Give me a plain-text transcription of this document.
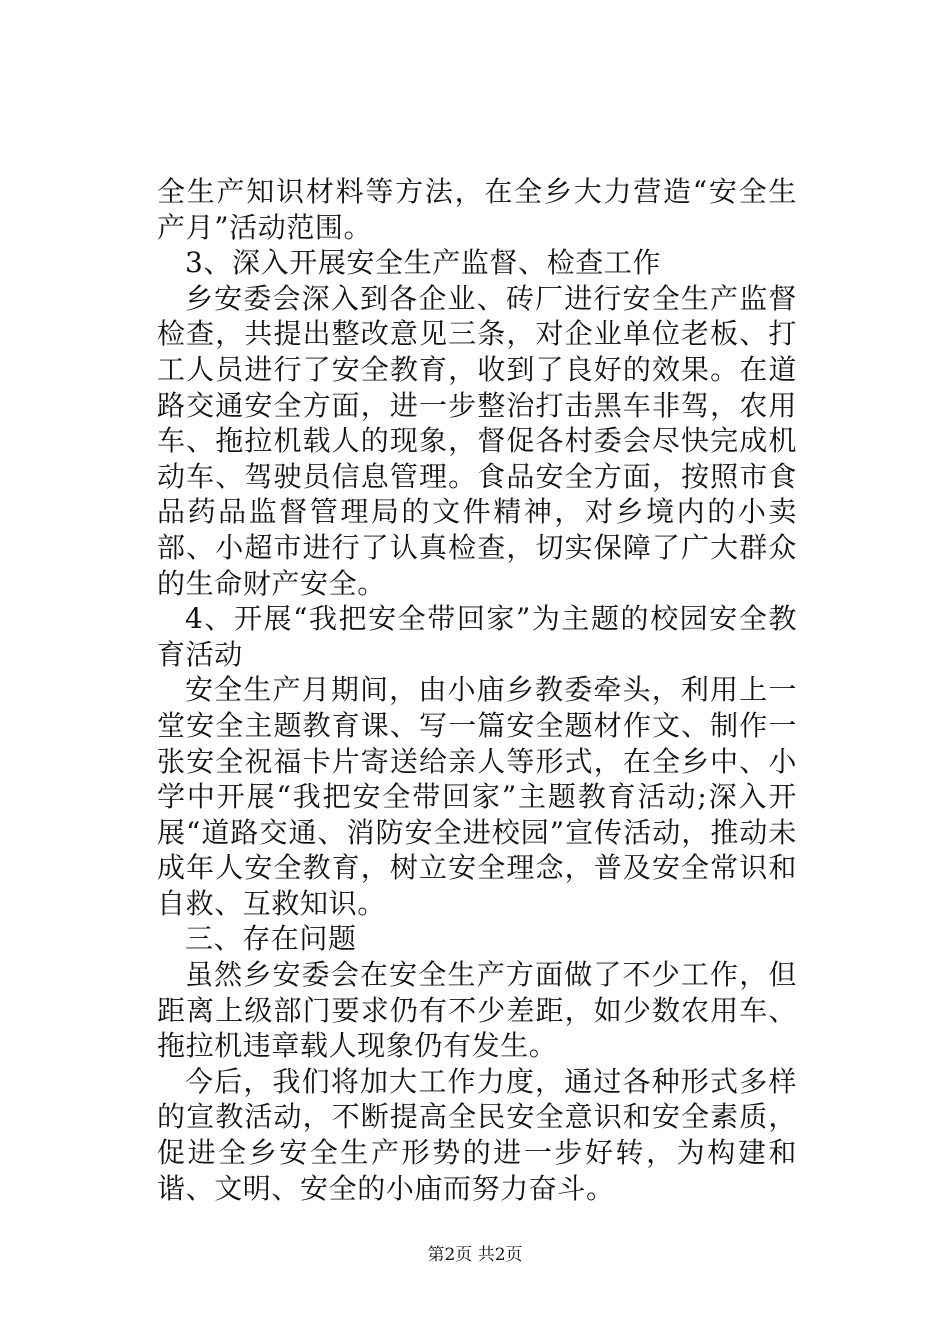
全生产知识材料等方法，在全乡大力营造“安全生产月”活动范围。

3、深入开展安全生产监督、检查工作

乡安委会深入到各企业、砖厂进行安全生产监督检查，共提出整改意见三条，对企业单位老板、打工人员进行了安全教育，收到了良好的效果。在道路交通安全方面，进一步整治打击黑车非驾，农用车、拖拉机载人的现象，督促各村委会尽快完成机动车、驾驶员信息管理。食品安全方面，按照市食品药品监督管理局的文件精神，对乡境内的小卖部、小超市进行了认真检查，切实保障了广大群众的生命财产安全。

4、开展“我把安全带回家”为主题的校园安全教育活动

安全生产月期间，由小庙乡教委牵头，利用上一堂安全主题教育课、写一篇安全题材作文、制作一张安全祝福卡片寄送给亲人等形式，在全乡中、小学中开展“我把安全带回家”主题教育活动;深入开展“道路交通、消防安全进校园”宣传活动，推动未成年人安全教育，树立安全理念，普及安全常识和自救、互救知识。

三、存在问题

虽然乡安委会在安全生产方面做了不少工作，但距离上级部门要求仍有不少差距，如少数农用车、拖拉机违章载人现象仍有发生。

今后，我们将加大工作力度，通过各种形式多样的宣教活动，不断提高全民安全意识和安全素质，促进全乡安全生产形势的进一步好转，为构建和谐、文明、安全的小庙而努力奋斗。

第2页 共2页
